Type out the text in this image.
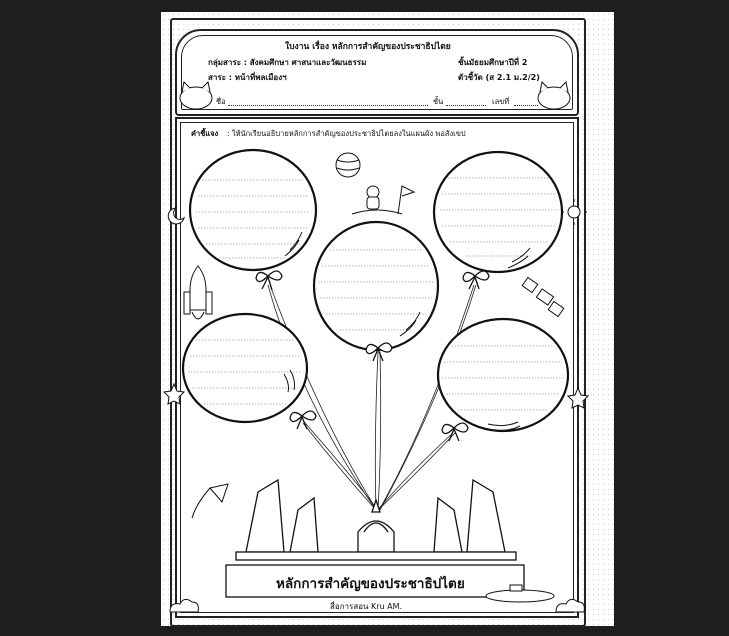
ใบงาน เรื่อง หลักการสำคัญของประชาธิปไตย
กลุ่มสาระ : สังคมศึกษา ศาสนาและวัฒนธรรม	ชั้นมัธยมศึกษาปีที่ 2
สาระ : หน้าที่พลเมืองฯ	ตัวชี้วัด (ส 2.1 ม.2/2)
ชื่อ	ชั้น	เลขที่
คำชี้แจง : ให้นักเรียนอธิบายหลักการสำคัญของประชาธิปไตยลงในแผนผัง พอสังเขป
หลักการสำคัญของประชาธิปไตย
สื่อการสอน Kru AM.
